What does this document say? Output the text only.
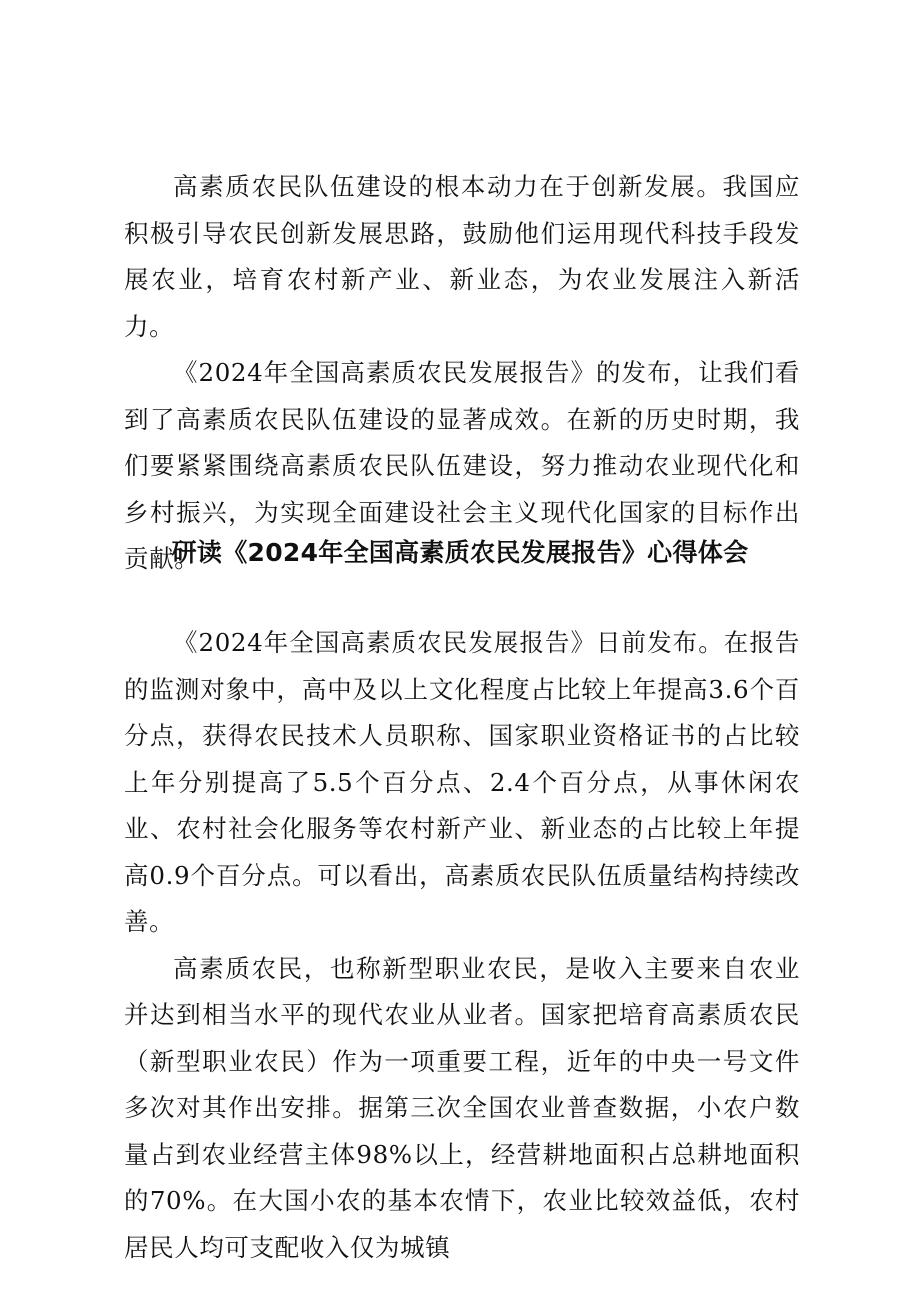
高素质农民队伍建设的根本动力在于创新发展。我国应积极引导农民创新发展思路，鼓励他们运用现代科技手段发展农业，培育农村新产业、新业态，为农业发展注入新活力。

《2024年全国高素质农民发展报告》的发布，让我们看到了高素质农民队伍建设的显著成效。在新的历史时期，我们要紧紧围绕高素质农民队伍建设，努力推动农业现代化和乡村振兴，为实现全面建设社会主义现代化国家的目标作出贡献。

研读《2024年全国高素质农民发展报告》心得体会

《2024年全国高素质农民发展报告》日前发布。在报告的监测对象中，高中及以上文化程度占比较上年提高3.6个百分点，获得农民技术人员职称、国家职业资格证书的占比较上年分别提高了5.5个百分点、2.4个百分点，从事休闲农业、农村社会化服务等农村新产业、新业态的占比较上年提高0.9个百分点。可以看出，高素质农民队伍质量结构持续改善。

高素质农民，也称新型职业农民，是收入主要来自农业并达到相当水平的现代农业从业者。国家把培育高素质农民（新型职业农民）作为一项重要工程，近年的中央一号文件多次对其作出安排。据第三次全国农业普查数据，小农户数量占到农业经营主体98%以上，经营耕地面积占总耕地面积的70%。在大国小农的基本农情下，农业比较效益低，农村居民人均可支配收入仅为城镇
